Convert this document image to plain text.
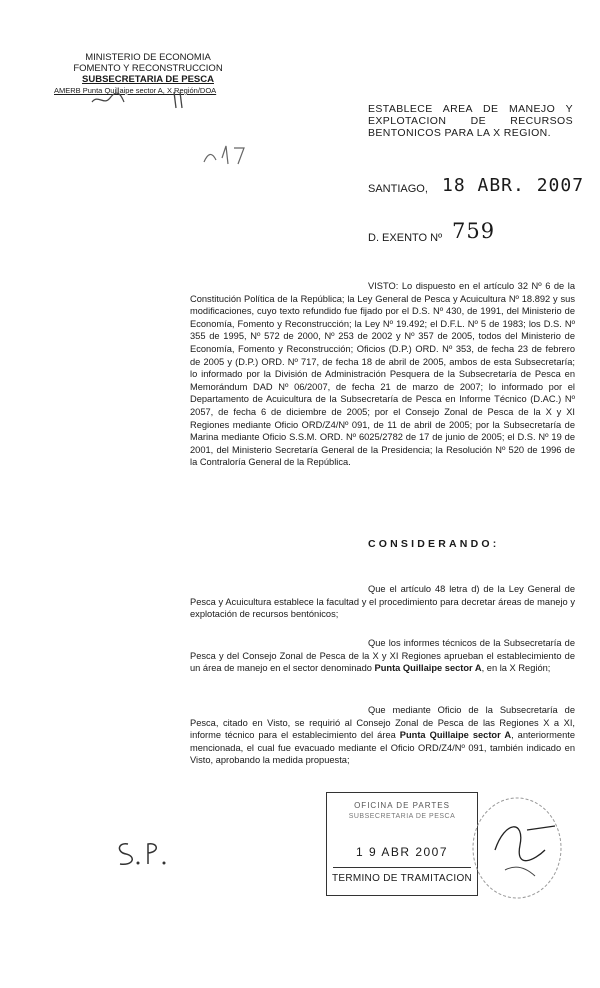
MINISTERIO DE ECONOMIA
FOMENTO Y RECONSTRUCCION
SUBSECRETARIA DE PESCA
AMERB Punta Quillaipe sector A, X Región/DOA
ESTABLECE AREA DE MANEJO Y EXPLOTACION DE RECURSOS BENTONICOS PARA LA X REGION.
SANTIAGO, 18 ABR. 2007
D. EXENTO Nº 759
VISTO: Lo dispuesto en el artículo 32 Nº 6 de la Constitución Política de la República; la Ley General de Pesca y Acuicultura Nº 18.892 y sus modificaciones, cuyo texto refundido fue fijado por el D.S. Nº 430, de 1991, del Ministerio de Economía, Fomento y Reconstrucción; la Ley Nº 19.492; el D.F.L. Nº 5 de 1983; los D.S. Nº 355 de 1995, Nº 572 de 2000, Nº 253 de 2002 y Nº 357 de 2005, todos del Ministerio de Economía, Fomento y Reconstrucción; Oficios (D.P.) ORD. Nº 353, de fecha 23 de febrero de 2005 y (D.P.) ORD. Nº 717, de fecha 18 de abril de 2005, ambos de esta Subsecretaría; lo informado por la División de Administración Pesquera de la Subsecretaría de Pesca en Memorándum DAD Nº 06/2007, de fecha 21 de marzo de 2007; lo informado por el Departamento de Acuicultura de la Subsecretaría de Pesca en Informe Técnico (D.AC.) Nº 2057, de fecha 6 de diciembre de 2005; por el Consejo Zonal de Pesca de la X y XI Regiones mediante Oficio ORD/Z4/Nº 091, de 11 de abril de 2005; por la Subsecretaría de Marina mediante Oficio S.S.M. ORD. Nº 6025/2782 de 17 de junio de 2005; el D.S. Nº 19 de 2001, del Ministerio Secretaría General de la Presidencia; la Resolución Nº 520 de 1996 de la Contraloría General de la República.
CONSIDERANDO:
Que el artículo 48 letra d) de la Ley General de Pesca y Acuicultura establece la facultad y el procedimiento para decretar áreas de manejo y explotación de recursos bentónicos;
Que los informes técnicos de la Subsecretaría de Pesca y del Consejo Zonal de Pesca de la X y XI Regiones aprueban el establecimiento de un área de manejo en el sector denominado Punta Quillaipe sector A, en la X Región;
Que mediante Oficio de la Subsecretaría de Pesca, citado en Visto, se requirió al Consejo Zonal de Pesca de las Regiones X a XI, informe técnico para el establecimiento del área Punta Quillaipe sector A, anteriormente mencionada, el cual fue evacuado mediante el Oficio ORD/Z4/Nº 091, también indicado en Visto, aprobando la medida propuesta;
OFICINA DE PARTES
SUBSECRETARIA DE PESCA
1 9 ABR 2007
TERMINO DE TRAMITACION
